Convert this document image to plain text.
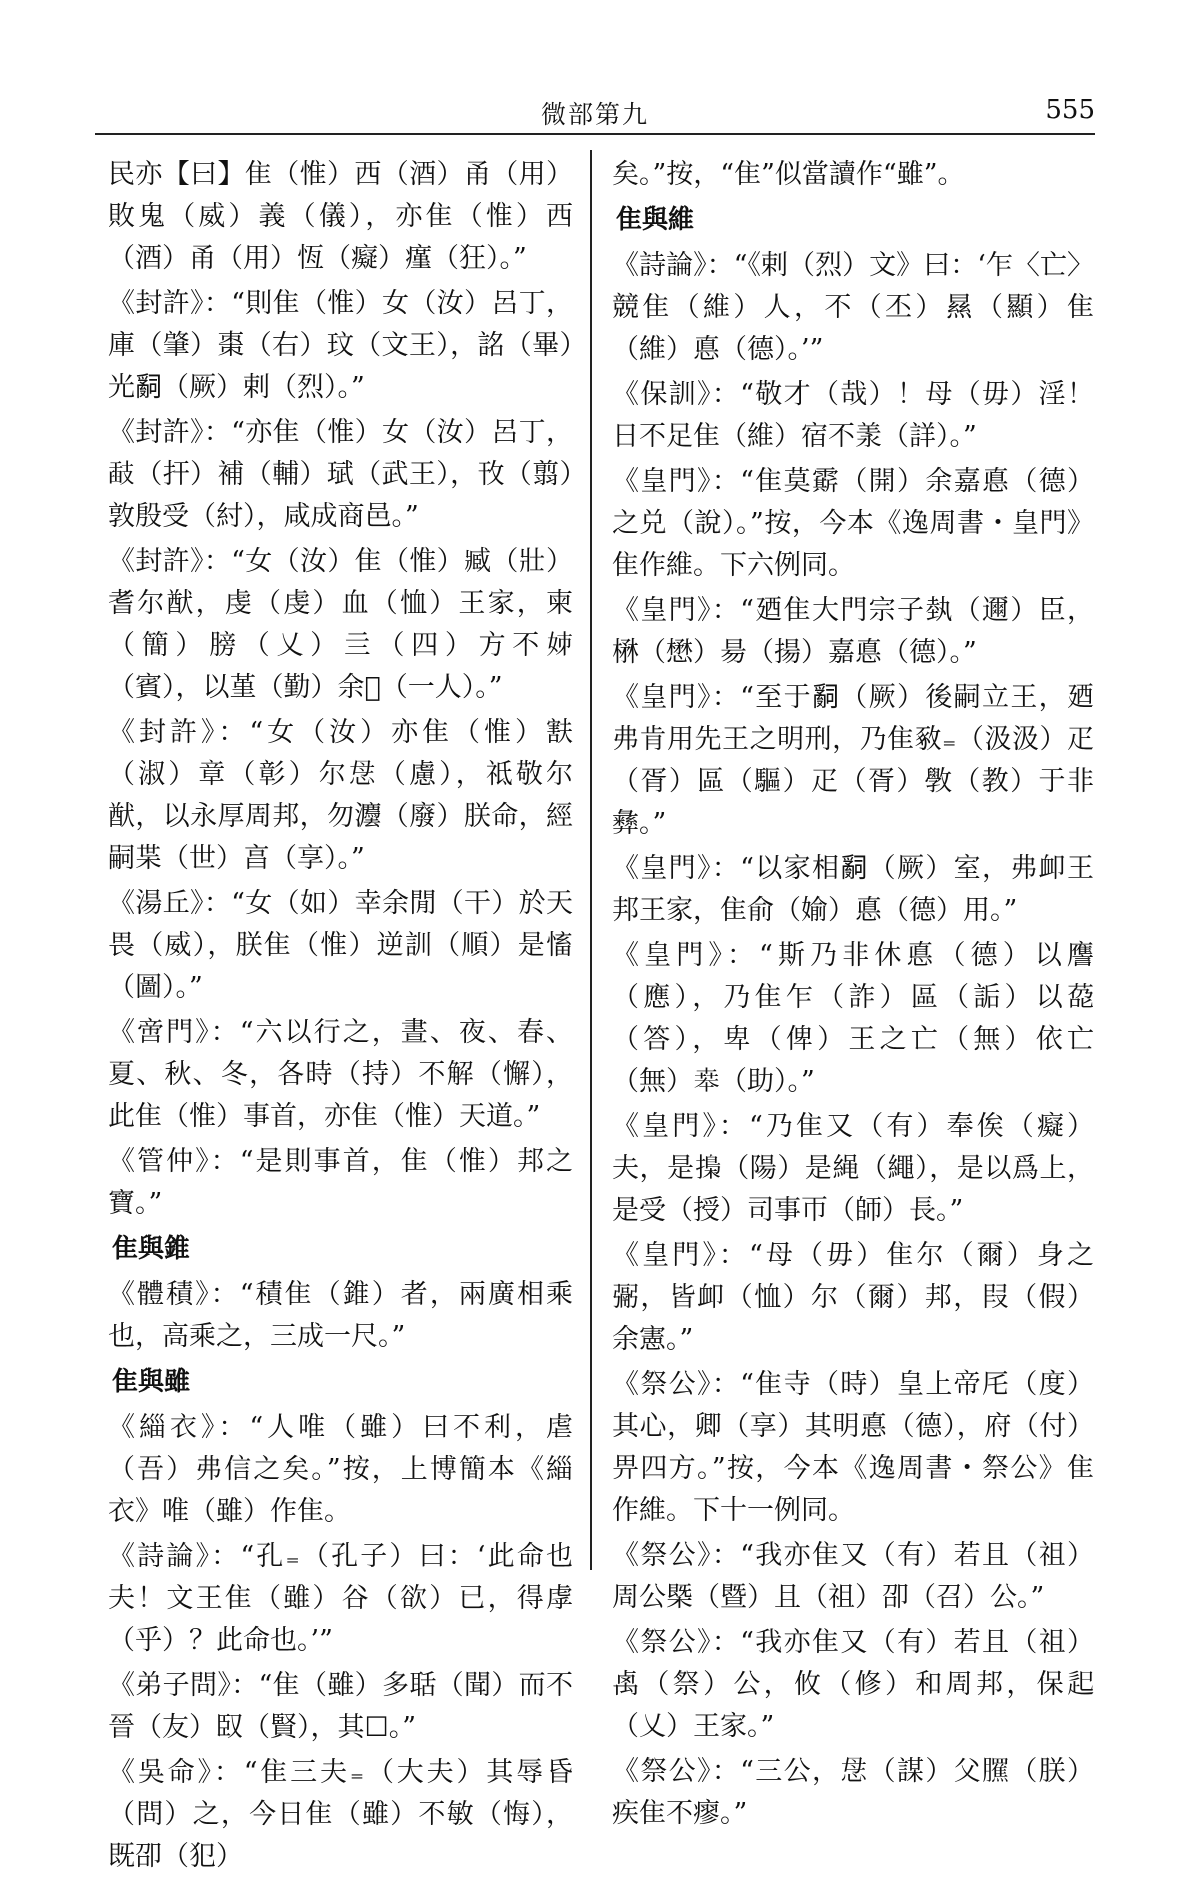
微部第九	555
民亦【曰】隹（惟）西（酒）甬（用）敗鬼（威）義（儀），亦隹（惟）西（酒）甬（用）恆（癡）瘽（狂）。”
《封許》：“則隹（惟）女（汝）呂丁，庫（肇）棗（右）玟（文王），詺（畢）光𤔲（厥）剌（烈）。”
《封許》：“亦隹（惟）女（汝）呂丁，𢻗（扞）補（輔）珷（武王），攼（翦）敦殷受（紂），咸成商邑。”
《封許》：“女（汝）隹（惟）臧（壯）耆尔猷，虔（虔）血（恤）王家，柬（簡）膀（乂）亖（四）方不𡛷（賓），以堇（勤）余𠀆（一人）。”
《封許》：“女（汝）亦隹（惟）㝬（淑）章（彰）尔𢘓（慮），祗敬尔猷，以永厚周邦，勿灋（廢）朕命，經嗣枼（世）亯（享）。”
《湯丘》：“女（如）幸余閒（干）於天畏（威），朕隹（惟）逆訓（順）是慉（圖）。”
《啻門》：“六以行之，晝、夜、春、夏、秋、冬，各時（持）不解（懈），此隹（惟）事首，亦隹（惟）天道。”
《管仲》：“是則事首，隹（惟）邦之寶。”
隹與錐
《體積》：“積隹（錐）者，兩廣相乘也，高乘之，三成一尺。”
隹與雖
《緇衣》：“人唯（雖）曰不利，虐（吾）弗信之矣。”按，上博簡本《緇衣》唯（雖）作隹。
《詩論》：“孔₌（孔子）曰：‘此命也夫！文王隹（雖）谷（欲）已，得虖（乎）？此命也。’”
《弟子問》：“隹（雖）多聒（聞）而不晉（友）臤（賢），其☐。”
《吳命》：“隹三夫₌（大夫）其辱昏（問）之，今日隹（雖）不敏（悔），既卲（犯）
矣。”按，“隹”似當讀作“雖”。
隹與維
《詩論》：“《剌（烈）文》曰：‘乍〈亡〉競隹（維）人，不（丕）㬎（顯）隹（維）悳（德）。’”
《保訓》：“敬才（哉）！母（毋）淫！日不足隹（維）宿不羕（詳）。”
《皇門》：“隹莫𩅰（開）余嘉悳（德）之兑（說）。”按，今本《逸周書・皇門》隹作維。下六例同。
《皇門》：“廼隹大門宗子埶（邇）臣，楙（懋）昜（揚）嘉悳（德）。”
《皇門》：“至于𤔲（厥）後嗣立王，廼弗肯用先王之明刑，乃隹𢽴₌（汲汲）疋（胥）區（驅）疋（胥）斆（教）于非彝。”
《皇門》：“以家相𤔲（厥）室，弗卹王邦王家，隹俞（媮）悳（德）用。”
《皇門》：“斯乃非休悳（德）以譍（應），乃隹乍（詐）區（詬）以㗡（答），卑（俾）王之亡（無）依亡（無）𠦪（助）。”
《皇門》：“乃隹又（有）奉俟（癡）夫，是𢳚（陽）是䋲（繩），是以爲上，是受（授）司事帀（師）長。”
《皇門》：“母（毋）隹尔（爾）身之䰜，皆卹（恤）尔（爾）邦，叚（假）余憲。”
《祭公》：“隹寺（時）皇上帝厇（度）其心，卿（享）其明悳（德），府（付）畀四方。”按，今本《逸周書・祭公》隹作維。下十一例同。
《祭公》：“我亦隹又（有）若且（祖）周公槩（暨）且（祖）卲（召）公。”
《祭公》：“我亦隹又（有）若且（祖）𥜽（祭）公，攸（修）和周邦，保𨑔（乂）王家。”
《祭公》：“三公，𢘓（謀）父𦢺（朕）疾隹不瘳。”
